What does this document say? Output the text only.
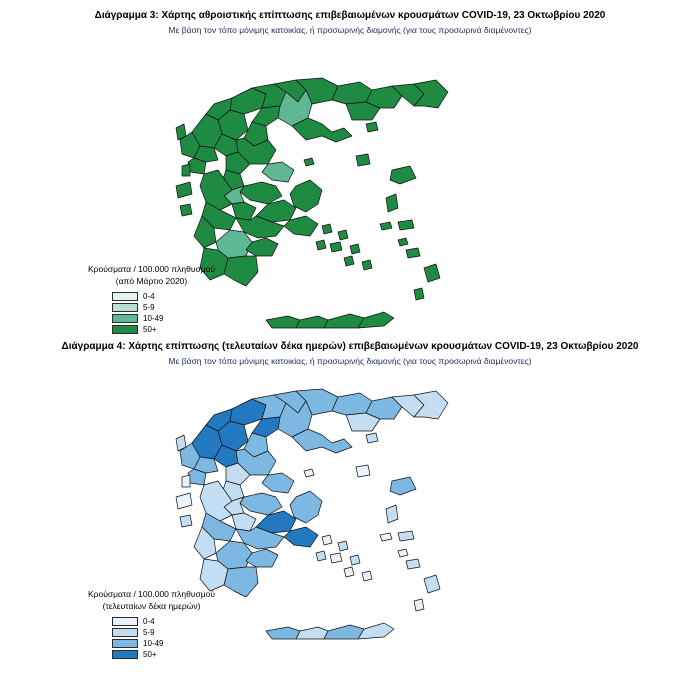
Διάγραμμα 3: Χάρτης αθροιστικής επίπτωσης επιβεβαιωμένων κρουσμάτων COVID-19, 23 Οκτωβρίου 2020
Με βάση τον τόπο μόνιμης κατοικίας, ή προσωρινής διαμονής (για τους προσωρινά διαμένοντες)
Κρούσματα / 100.000 πληθυσμού
(από Μάρτιο 2020)
0-4
5-9
10-49
50+
Διάγραμμα 4: Χάρτης επίπτωσης (τελευταίων δέκα ημερών) επιβεβαιωμένων κρουσμάτων COVID-19, 23 Οκτωβρίου 2020
Με βάση τον τόπο μόνιμης κατοικίας, ή προσωρινής διαμονής (για τους προσωρινά διαμένοντες)
Κρούσματα / 100.000 πληθυσμού
(τελευταίων δέκα ημερών)
0-4
5-9
10-49
50+
